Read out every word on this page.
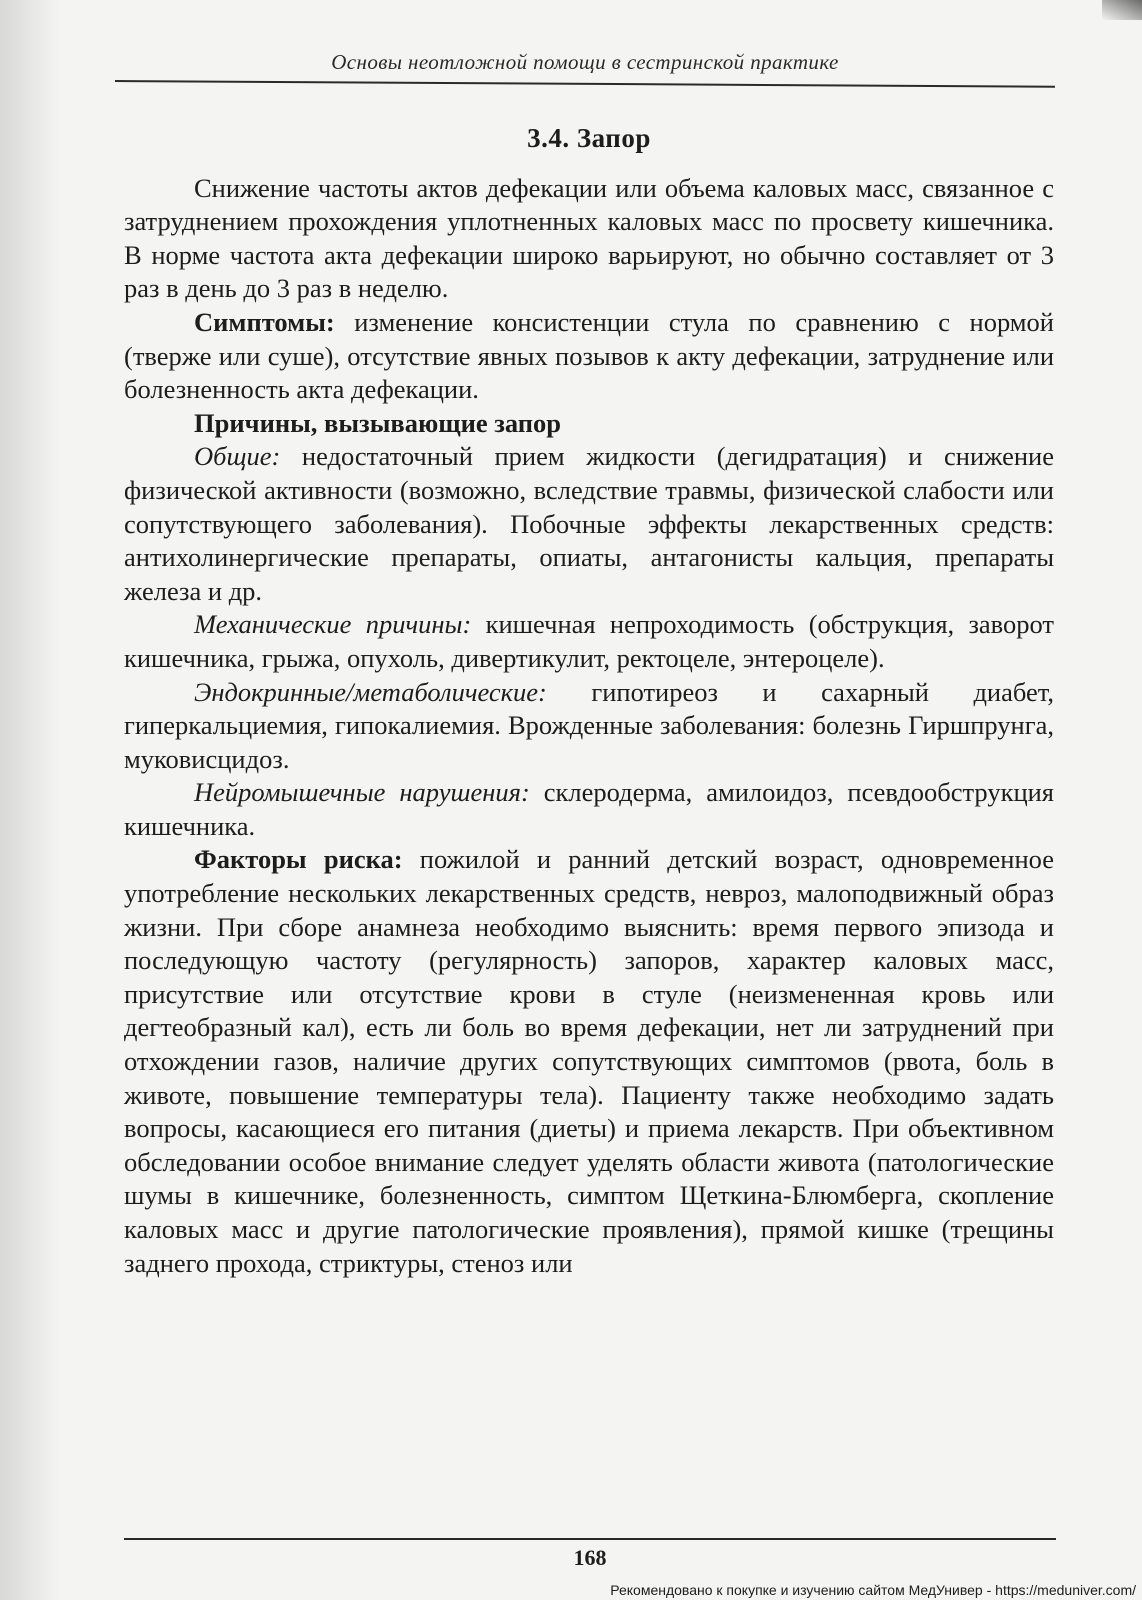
Основы неотложной помощи в сестринской практике
3.4. Запор

Снижение частоты актов дефекации или объема каловых масс, связанное с затруднением прохождения уплотненных каловых масс по просвету кишечника. В норме частота акта дефекации широко варьируют, но обычно составляет от 3 раз в день до 3 раз в неделю.

Симптомы: изменение консистенции стула по сравнению с нормой (тверже или суше), отсутствие явных позывов к акту дефекации, затруднение или болезненность акта дефекации.

Причины, вызывающие запор

Общие: недостаточный прием жидкости (дегидратация) и снижение физической активности (возможно, вследствие травмы, физической слабости или сопутствующего заболевания). Побочные эффекты лекарственных средств: антихолинергические препараты, опиаты, антагонисты кальция, препараты железа и др.

Механические причины: кишечная непроходимость (обструкция, заворот кишечника, грыжа, опухоль, дивертикулит, ректоцеле, энтероцеле).

Эндокринные/метаболические: гипотиреоз и сахарный диабет, гиперкальциемия, гипокалиемия. Врожденные заболевания: болезнь Гиршпрунга, муковисцидоз.

Нейромышечные нарушения: склеродерма, амилоидоз, псевдообструкция кишечника.

Факторы риска: пожилой и ранний детский возраст, одновременное употребление нескольких лекарственных средств, невроз, малоподвижный образ жизни. При сборе анамнеза необходимо выяснить: время первого эпизода и последующую частоту (регулярность) запоров, характер каловых масс, присутствие или отсутствие крови в стуле (неизмененная кровь или дегтеобразный кал), есть ли боль во время дефекации, нет ли затруднений при отхождении газов, наличие других сопутствующих симптомов (рвота, боль в животе, повышение температуры тела). Пациенту также необходимо задать вопросы, касающиеся его питания (диеты) и приема лекарств. При объективном обследовании особое внимание следует уделять области живота (патологические шумы в кишечнике, болезненность, симптом Щеткина-Блюмберга, скопление каловых масс и другие патологические проявления), прямой кишке (трещины заднего прохода, стриктуры, стеноз или

168
Рекомендовано к покупке и изучению сайтом МедУнивер - https://meduniver.com/
